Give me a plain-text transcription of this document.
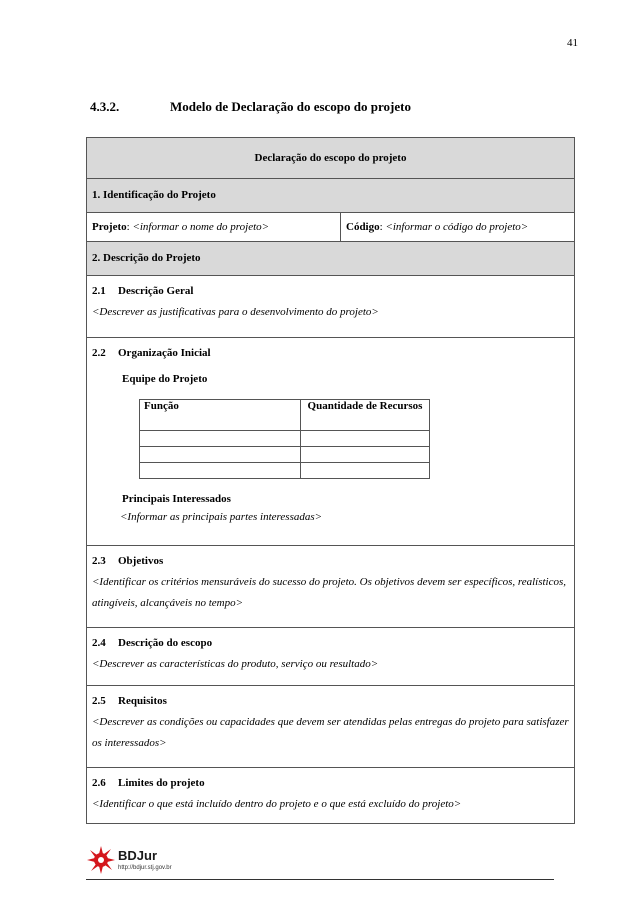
41
4.3.2.	Modelo de Declaração do escopo do projeto
Declaração do escopo do projeto
1. Identificação do Projeto
Projeto: <informar o nome do projeto>	Código: <informar o código do projeto>
2. Descrição do Projeto

2.1 Descrição Geral
<Descrever as justificativas para o desenvolvimento do projeto>

2.2 Organização Inicial
Equipe do Projeto
Função	Quantidade de Recursos

Principais Interessados
<Informar as principais partes interessadas>

2.3 Objetivos
<Identificar os critérios mensuráveis do sucesso do projeto. Os objetivos devem ser específicos, realísticos, atingíveis, alcançáveis no tempo>

2.4 Descrição do escopo
<Descrever as características do produto, serviço ou resultado>

2.5 Requisitos
<Descrever as condições ou capacidades que devem ser atendidas pelas entregas do projeto para satisfazer os interessados>

2.6 Limites do projeto
<Identificar o que está incluído dentro do projeto e o que está excluído do projeto>
BDJur
http://bdjur.stj.gov.br
